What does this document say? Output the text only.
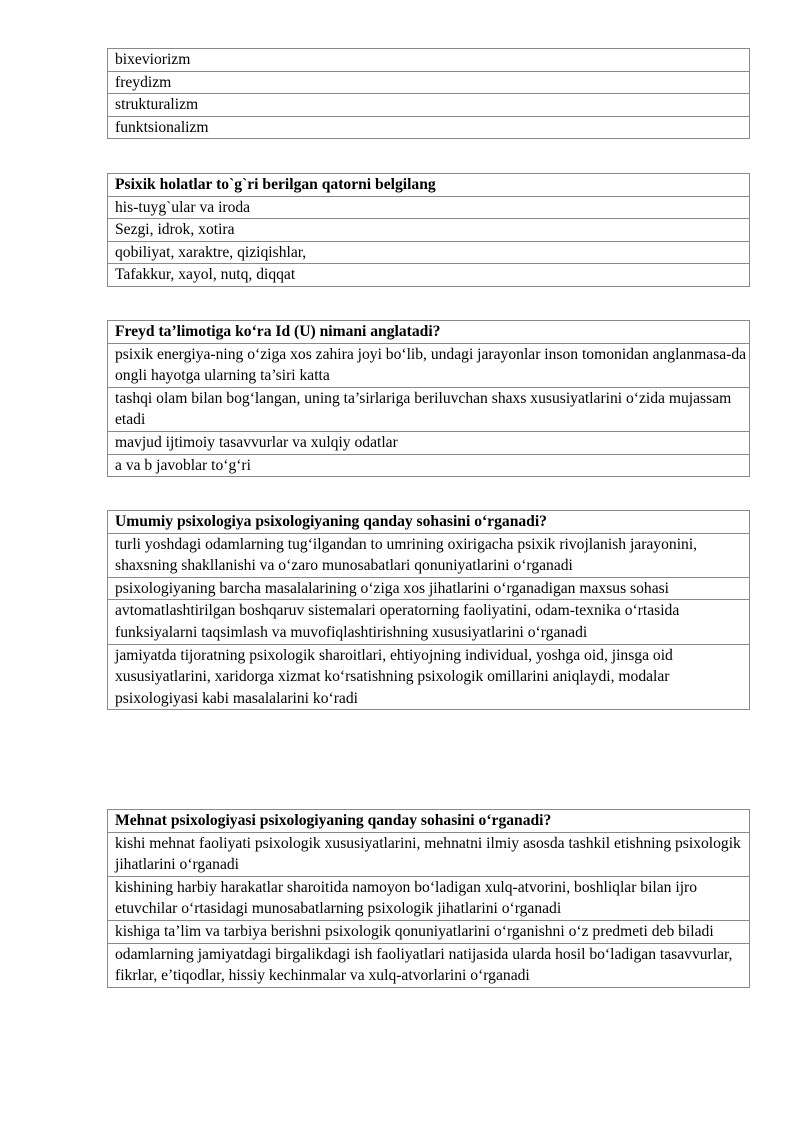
bixeviorizm
freydizm
strukturalizm
funktsionalizm
Psixik holatlar to`g`ri berilgan qatorni belgilang
his-tuyg`ular va iroda
Sezgi, idrok, xotira
qobiliyat, xaraktre, qiziqishlar,
Tafakkur, xayol, nutq, diqqat
Freyd ta’limotiga ko‘ra Id (U) nimani anglatadi?
psixik energiya-ning o‘ziga xos zahira joyi bo‘lib, undagi jarayonlar inson tomonidan anglanmasa-da ongli hayotga ularning ta’siri katta
tashqi olam bilan bog‘langan, uning ta’sirlariga beriluvchan shaxs xususiyatlarini o‘zida mujassam etadi
mavjud ijtimoiy tasavvurlar va xulqiy odatlar
a va b javoblar to‘g‘ri
Umumiy psixologiya psixologiyaning qanday sohasini o‘rganadi?
turli yoshdagi odamlarning tug‘ilgandan to umrining oxirigacha psixik rivojlanish jarayonini, shaxsning shakllanishi va o‘zaro munosabatlari qonuniyatlarini o‘rganadi
psixologiyaning barcha masalalarining o‘ziga xos jihatlarini o‘rganadigan maxsus sohasi
avtomatlashtirilgan boshqaruv sistemalari operatorning faoliyatini, odam-texnika o‘rtasida funksiyalarni taqsimlash va muvofiqlashtirishning xususiyatlarini o‘rganadi
jamiyatda tijoratning psixologik sharoitlari, ehtiyojning individual, yoshga oid, jinsga oid xususiyatlarini, xaridorga xizmat ko‘rsatishning psixologik omillarini aniqlaydi, modalar psixologiyasi kabi masalalarini ko‘radi
Mehnat psixologiyasi psixologiyaning qanday sohasini o‘rganadi?
kishi mehnat faoliyati psixologik xususiyatlarini, mehnatni ilmiy asosda tashkil etishning psixologik jihatlarini o‘rganadi
kishining harbiy harakatlar sharoitida namoyon bo‘ladigan xulq-atvorini, boshliqlar bilan ijro etuvchilar o‘rtasidagi munosabatlarning psixologik jihatlarini o‘rganadi
kishiga ta’lim va tarbiya berishni psixologik qonuniyatlarini o‘rganishni o‘z predmeti deb biladi
odamlarning jamiyatdagi birgalikdagi ish faoliyatlari natijasida ularda hosil bo‘ladigan tasavvurlar, fikrlar, e’tiqodlar, hissiy kechinmalar va xulq-atvorlarini o‘rganadi
